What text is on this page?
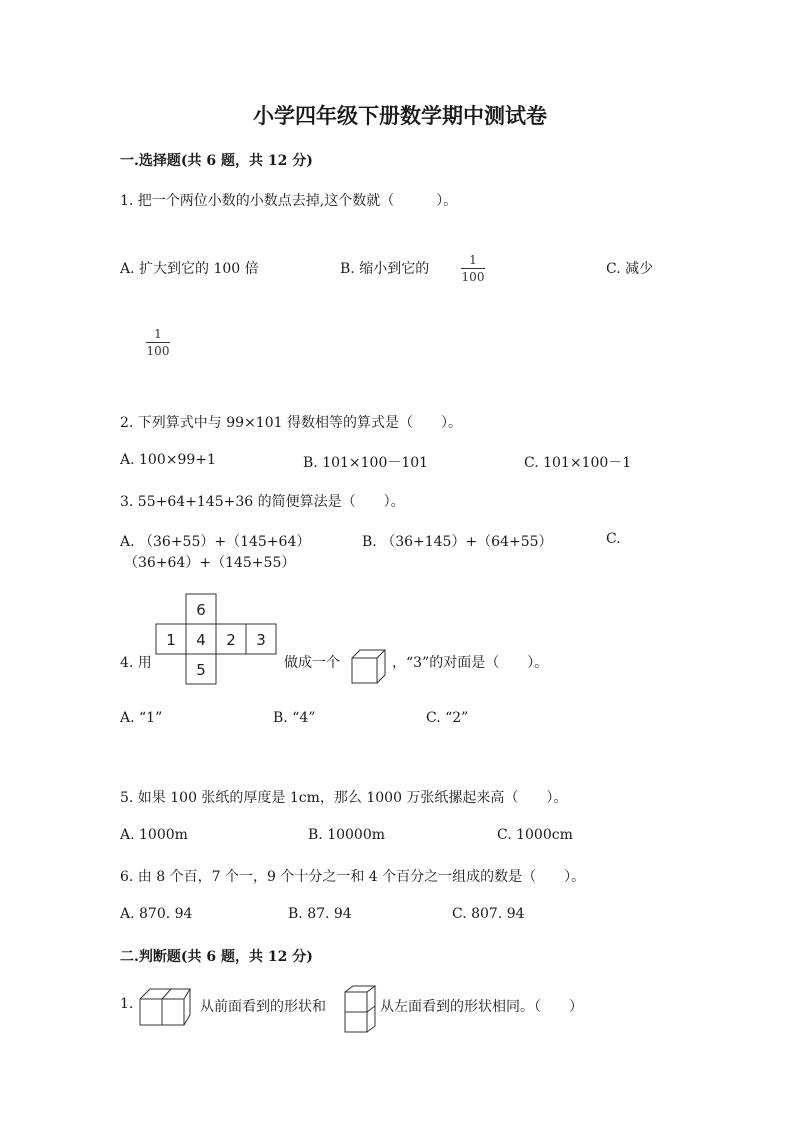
小学四年级下册数学期中测试卷
一.选择题(共 6 题，共 12 分)
1. 把一个两位小数的小数点去掉,这个数就（　　　）。
A. 扩大到它的 100 倍	B. 缩小到它的	$\frac{1}{100}$	C. 减少
$\frac{1}{100}$
2. 下列算式中与 99×101 得数相等的算式是（　　）。
A. 100×99+1	B. 101×100－101	C. 101×100－1
3. 55+64+145+36 的简便算法是（　　）。
A. （36+55）+（145+64）	B. （36+145）+（64+55）	C.
（36+64）+（145+55）
6
1 4 2 3
5
4. 用	做成一个	，“3”的对面是（　　）。
A. “1”	B. “4”	C. “2”
5. 如果 100 张纸的厚度是 1cm，那么 1000 万张纸摞起来高（　　）。
A. 1000m	B. 10000m	C. 1000cm
6. 由 8 个百，7 个一，9 个十分之一和 4 个百分之一组成的数是（　　）。
A. 870. 94	B. 87. 94	C. 807. 94
二.判断题(共 6 题，共 12 分)
1.	从前面看到的形状和	从左面看到的形状相同。（　　）
